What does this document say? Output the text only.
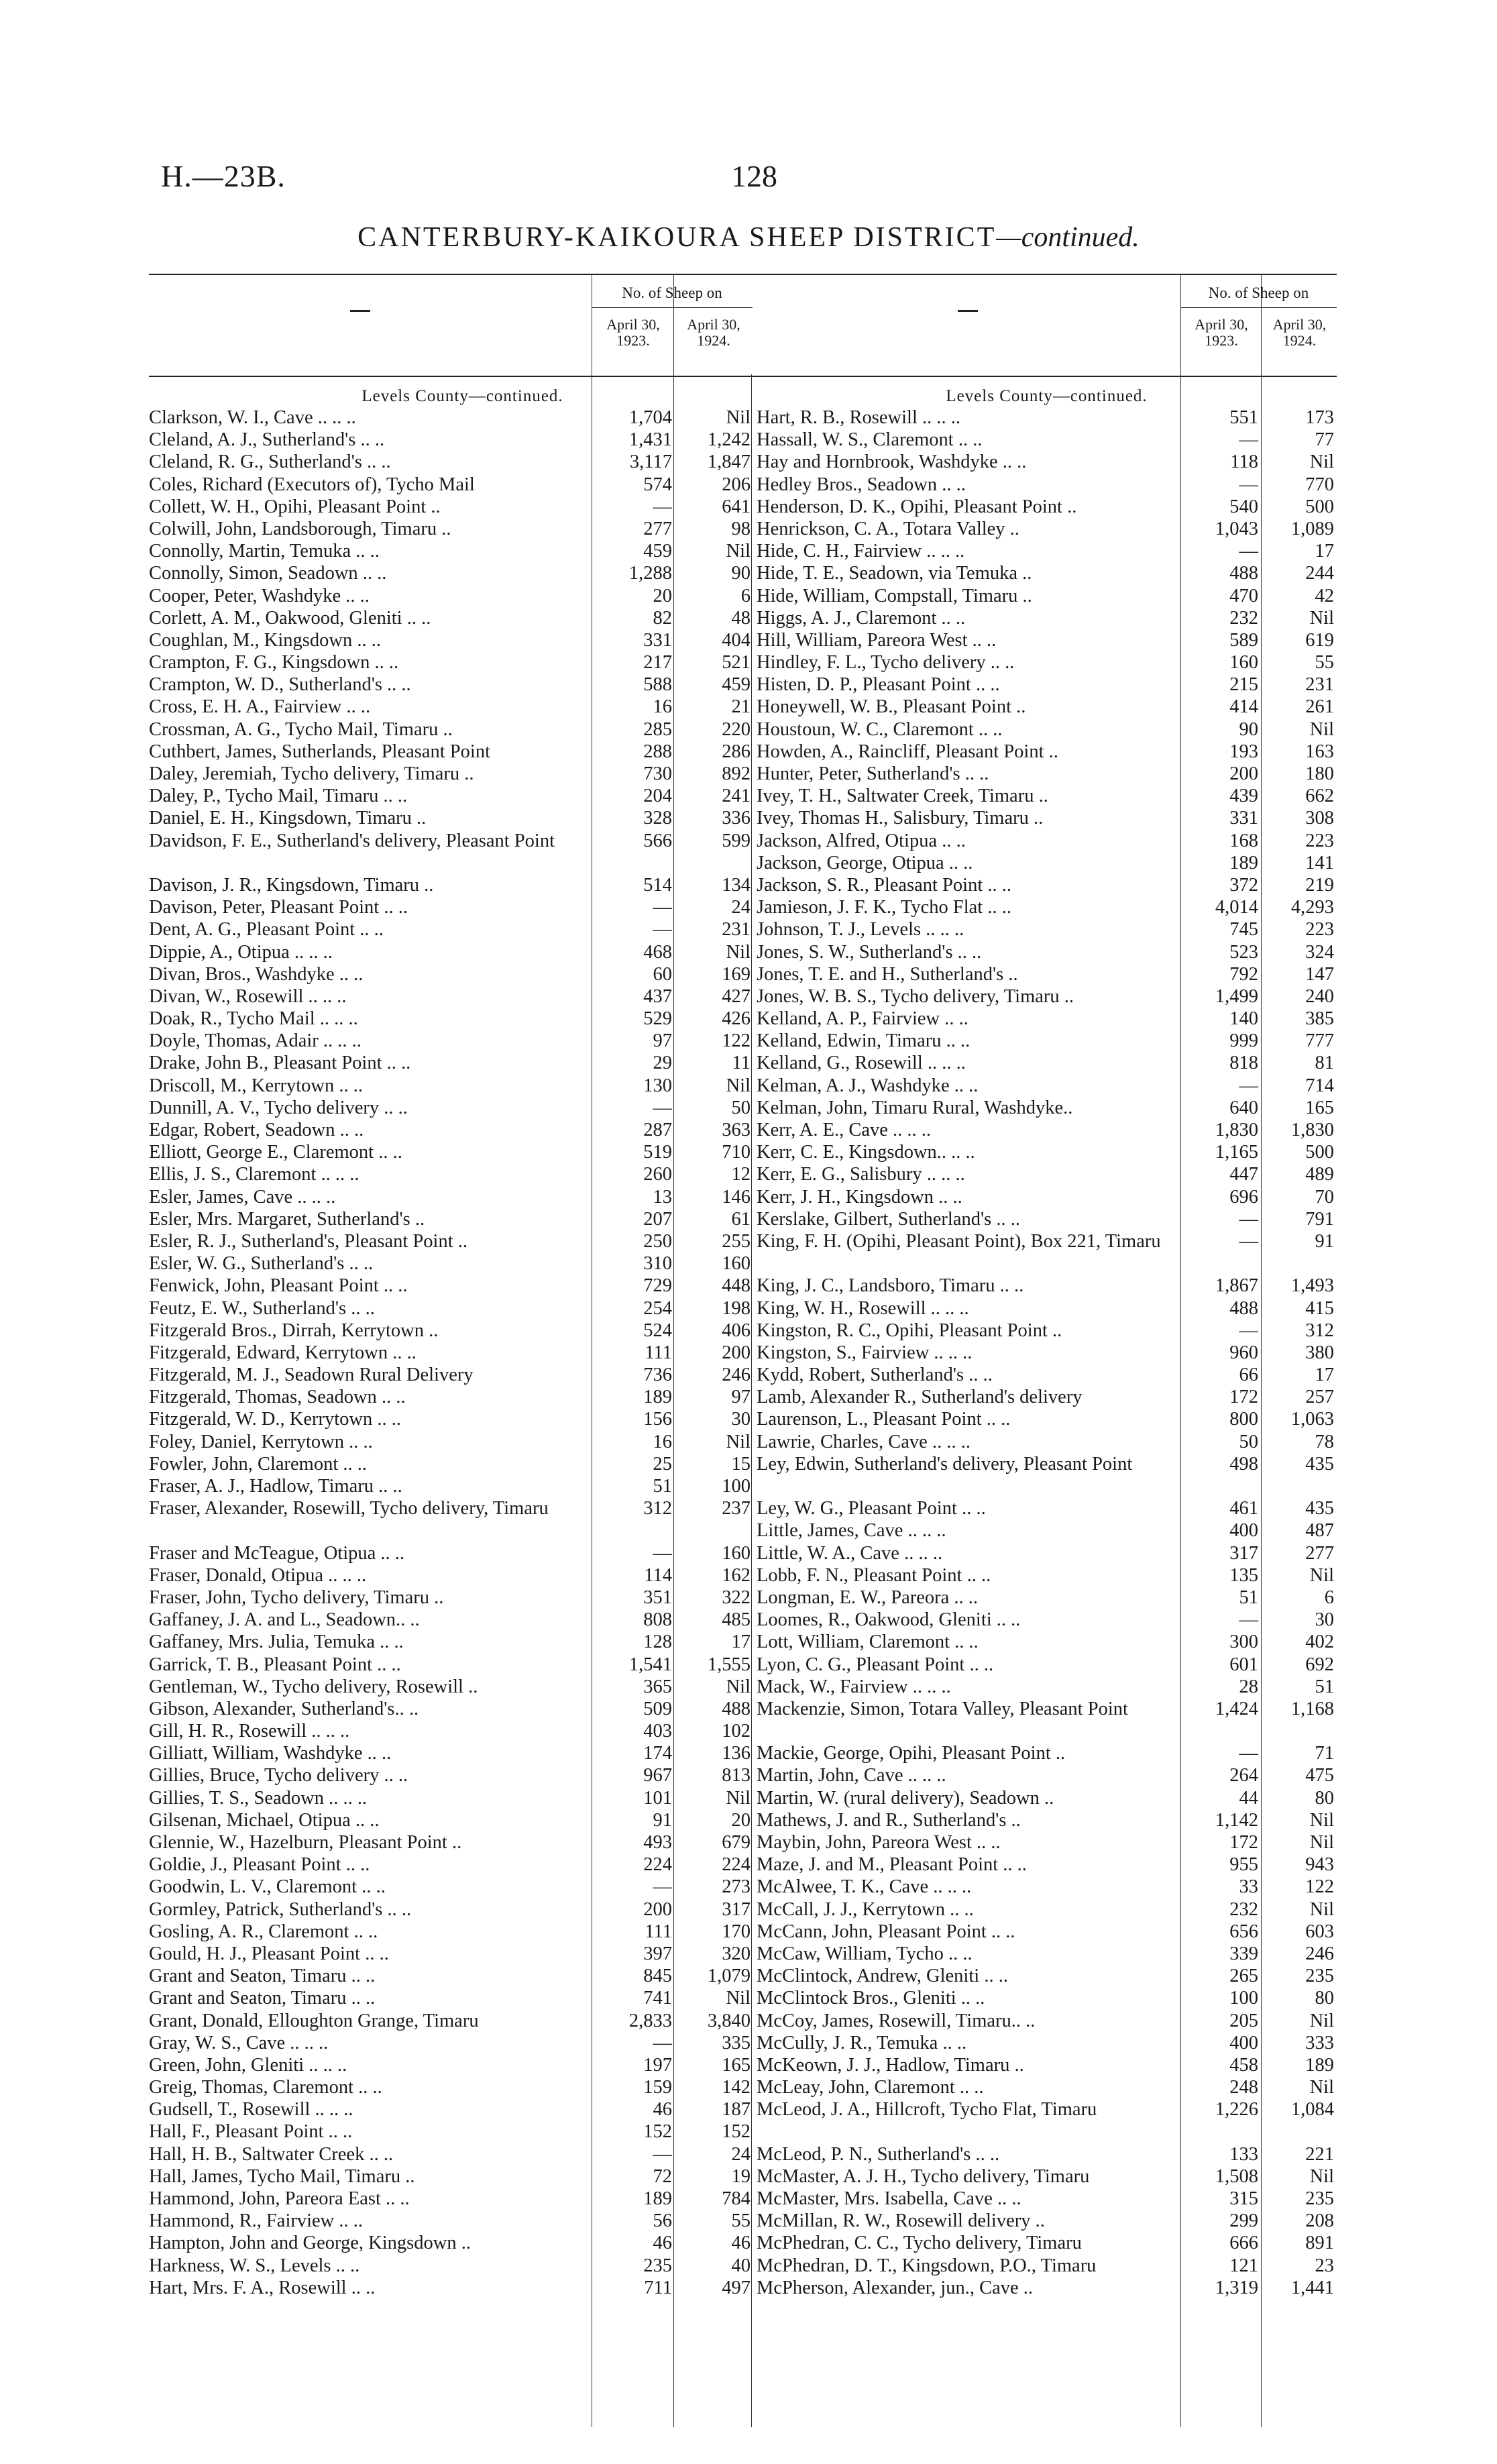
H.—23B.	128
CANTERBURY-KAIKOURA SHEEP DISTRICT—continued.
No. of Sheep on
April 30,
1923.
April 30,
1924.
Levels County—continued.
Clarkson, W. I., Cave .. .. ..	1,704	Nil
Cleland, A. J., Sutherland's .. ..	1,431	1,242
Cleland, R. G., Sutherland's .. ..	3,117	1,847
Coles, Richard (Executors of), Tycho Mail	574	206
Collett, W. H., Opihi, Pleasant Point ..	—	641
Colwill, John, Landsborough, Timaru ..	277	98
Connolly, Martin, Temuka .. ..	459	Nil
Connolly, Simon, Seadown .. ..	1,288	90
Cooper, Peter, Washdyke .. ..	20	6
Corlett, A. M., Oakwood, Gleniti .. ..	82	48
Coughlan, M., Kingsdown .. ..	331	404
Crampton, F. G., Kingsdown .. ..	217	521
Crampton, W. D., Sutherland's .. ..	588	459
Cross, E. H. A., Fairview .. ..	16	21
Crossman, A. G., Tycho Mail, Timaru ..	285	220
Cuthbert, James, Sutherlands, Pleasant Point	288	286
Daley, Jeremiah, Tycho delivery, Timaru ..	730	892
Daley, P., Tycho Mail, Timaru .. ..	204	241
Daniel, E. H., Kingsdown, Timaru ..	328	336
Davidson, F. E., Sutherland's delivery, Pleasant Point	566	599
Davison, J. R., Kingsdown, Timaru ..	514	134
Davison, Peter, Pleasant Point .. ..	—	24
Dent, A. G., Pleasant Point .. ..	—	231
Dippie, A., Otipua .. .. ..	468	Nil
Divan, Bros., Washdyke .. ..	60	169
Divan, W., Rosewill .. .. ..	437	427
Doak, R., Tycho Mail .. .. ..	529	426
Doyle, Thomas, Adair .. .. ..	97	122
Drake, John B., Pleasant Point .. ..	29	11
Driscoll, M., Kerrytown .. ..	130	Nil
Dunnill, A. V., Tycho delivery .. ..	—	50
Edgar, Robert, Seadown .. ..	287	363
Elliott, George E., Claremont .. ..	519	710
Ellis, J. S., Claremont .. .. ..	260	12
Esler, James, Cave .. .. ..	13	146
Esler, Mrs. Margaret, Sutherland's ..	207	61
Esler, R. J., Sutherland's, Pleasant Point ..	250	255
Esler, W. G., Sutherland's .. ..	310	160
Fenwick, John, Pleasant Point .. ..	729	448
Feutz, E. W., Sutherland's .. ..	254	198
Fitzgerald Bros., Dirrah, Kerrytown ..	524	406
Fitzgerald, Edward, Kerrytown .. ..	111	200
Fitzgerald, M. J., Seadown Rural Delivery	736	246
Fitzgerald, Thomas, Seadown .. ..	189	97
Fitzgerald, W. D., Kerrytown .. ..	156	30
Foley, Daniel, Kerrytown .. ..	16	Nil
Fowler, John, Claremont .. ..	25	15
Fraser, A. J., Hadlow, Timaru .. ..	51	100
Fraser, Alexander, Rosewill, Tycho delivery, Timaru	312	237
Fraser and McTeague, Otipua .. ..	—	160
Fraser, Donald, Otipua .. .. ..	114	162
Fraser, John, Tycho delivery, Timaru ..	351	322
Gaffaney, J. A. and L., Seadown.. ..	808	485
Gaffaney, Mrs. Julia, Temuka .. ..	128	17
Garrick, T. B., Pleasant Point .. ..	1,541	1,555
Gentleman, W., Tycho delivery, Rosewill ..	365	Nil
Gibson, Alexander, Sutherland's.. ..	509	488
Gill, H. R., Rosewill .. .. ..	403	102
Gilliatt, William, Washdyke .. ..	174	136
Gillies, Bruce, Tycho delivery .. ..	967	813
Gillies, T. S., Seadown .. .. ..	101	Nil
Gilsenan, Michael, Otipua .. ..	91	20
Glennie, W., Hazelburn, Pleasant Point ..	493	679
Goldie, J., Pleasant Point .. ..	224	224
Goodwin, L. V., Claremont .. ..	—	273
Gormley, Patrick, Sutherland's .. ..	200	317
Gosling, A. R., Claremont .. ..	111	170
Gould, H. J., Pleasant Point .. ..	397	320
Grant and Seaton, Timaru .. ..	845	1,079
Grant and Seaton, Timaru .. ..	741	Nil
Grant, Donald, Elloughton Grange, Timaru	2,833	3,840
Gray, W. S., Cave .. .. ..	—	335
Green, John, Gleniti .. .. ..	197	165
Greig, Thomas, Claremont .. ..	159	142
Gudsell, T., Rosewill .. .. ..	46	187
Hall, F., Pleasant Point .. ..	152	152
Hall, H. B., Saltwater Creek .. ..	—	24
Hall, James, Tycho Mail, Timaru ..	72	19
Hammond, John, Pareora East .. ..	189	784
Hammond, R., Fairview .. ..	56	55
Hampton, John and George, Kingsdown ..	46	46
Harkness, W. S., Levels .. ..	235	40
Hart, Mrs. F. A., Rosewill .. ..	711	497
No. of Sheep on
April 30,
1923.
April 30,
1924.
Levels County—continued.
Hart, R. B., Rosewill .. .. ..	551	173
Hassall, W. S., Claremont .. ..	—	77
Hay and Hornbrook, Washdyke .. ..	118	Nil
Hedley Bros., Seadown .. ..	—	770
Henderson, D. K., Opihi, Pleasant Point ..	540	500
Henrickson, C. A., Totara Valley ..	1,043	1,089
Hide, C. H., Fairview .. .. ..	—	17
Hide, T. E., Seadown, via Temuka ..	488	244
Hide, William, Compstall, Timaru ..	470	42
Higgs, A. J., Claremont .. ..	232	Nil
Hill, William, Pareora West .. ..	589	619
Hindley, F. L., Tycho delivery .. ..	160	55
Histen, D. P., Pleasant Point .. ..	215	231
Honeywell, W. B., Pleasant Point ..	414	261
Houstoun, W. C., Claremont .. ..	90	Nil
Howden, A., Raincliff, Pleasant Point ..	193	163
Hunter, Peter, Sutherland's .. ..	200	180
Ivey, T. H., Saltwater Creek, Timaru ..	439	662
Ivey, Thomas H., Salisbury, Timaru ..	331	308
Jackson, Alfred, Otipua .. ..	168	223
Jackson, George, Otipua .. ..	189	141
Jackson, S. R., Pleasant Point .. ..	372	219
Jamieson, J. F. K., Tycho Flat .. ..	4,014	4,293
Johnson, T. J., Levels .. .. ..	745	223
Jones, S. W., Sutherland's .. ..	523	324
Jones, T. E. and H., Sutherland's ..	792	147
Jones, W. B. S., Tycho delivery, Timaru ..	1,499	240
Kelland, A. P., Fairview .. ..	140	385
Kelland, Edwin, Timaru .. ..	999	777
Kelland, G., Rosewill .. .. ..	818	81
Kelman, A. J., Washdyke .. ..	—	714
Kelman, John, Timaru Rural, Washdyke..	640	165
Kerr, A. E., Cave .. .. ..	1,830	1,830
Kerr, C. E., Kingsdown.. .. ..	1,165	500
Kerr, E. G., Salisbury .. .. ..	447	489
Kerr, J. H., Kingsdown .. ..	696	70
Kerslake, Gilbert, Sutherland's .. ..	—	791
King, F. H. (Opihi, Pleasant Point), Box 221, Timaru	—	91
King, J. C., Landsboro, Timaru .. ..	1,867	1,493
King, W. H., Rosewill .. .. ..	488	415
Kingston, R. C., Opihi, Pleasant Point ..	—	312
Kingston, S., Fairview .. .. ..	960	380
Kydd, Robert, Sutherland's .. ..	66	17
Lamb, Alexander R., Sutherland's delivery	172	257
Laurenson, L., Pleasant Point .. ..	800	1,063
Lawrie, Charles, Cave .. .. ..	50	78
Ley, Edwin, Sutherland's delivery, Pleasant Point	498	435
Ley, W. G., Pleasant Point .. ..	461	435
Little, James, Cave .. .. ..	400	487
Little, W. A., Cave .. .. ..	317	277
Lobb, F. N., Pleasant Point .. ..	135	Nil
Longman, E. W., Pareora .. ..	51	6
Loomes, R., Oakwood, Gleniti .. ..	—	30
Lott, William, Claremont .. ..	300	402
Lyon, C. G., Pleasant Point .. ..	601	692
Mack, W., Fairview .. .. ..	28	51
Mackenzie, Simon, Totara Valley, Pleasant Point	1,424	1,168
Mackie, George, Opihi, Pleasant Point ..	—	71
Martin, John, Cave .. .. ..	264	475
Martin, W. (rural delivery), Seadown ..	44	80
Mathews, J. and R., Sutherland's ..	1,142	Nil
Maybin, John, Pareora West .. ..	172	Nil
Maze, J. and M., Pleasant Point .. ..	955	943
McAlwee, T. K., Cave .. .. ..	33	122
McCall, J. J., Kerrytown .. ..	232	Nil
McCann, John, Pleasant Point .. ..	656	603
McCaw, William, Tycho .. ..	339	246
McClintock, Andrew, Gleniti .. ..	265	235
McClintock Bros., Gleniti .. ..	100	80
McCoy, James, Rosewill, Timaru.. ..	205	Nil
McCully, J. R., Temuka .. ..	400	333
McKeown, J. J., Hadlow, Timaru ..	458	189
McLeay, John, Claremont .. ..	248	Nil
McLeod, J. A., Hillcroft, Tycho Flat, Timaru	1,226	1,084
McLeod, P. N., Sutherland's .. ..	133	221
McMaster, A. J. H., Tycho delivery, Timaru	1,508	Nil
McMaster, Mrs. Isabella, Cave .. ..	315	235
McMillan, R. W., Rosewill delivery ..	299	208
McPhedran, C. C., Tycho delivery, Timaru	666	891
McPhedran, D. T., Kingsdown, P.O., Timaru	121	23
McPherson, Alexander, jun., Cave ..	1,319	1,441
